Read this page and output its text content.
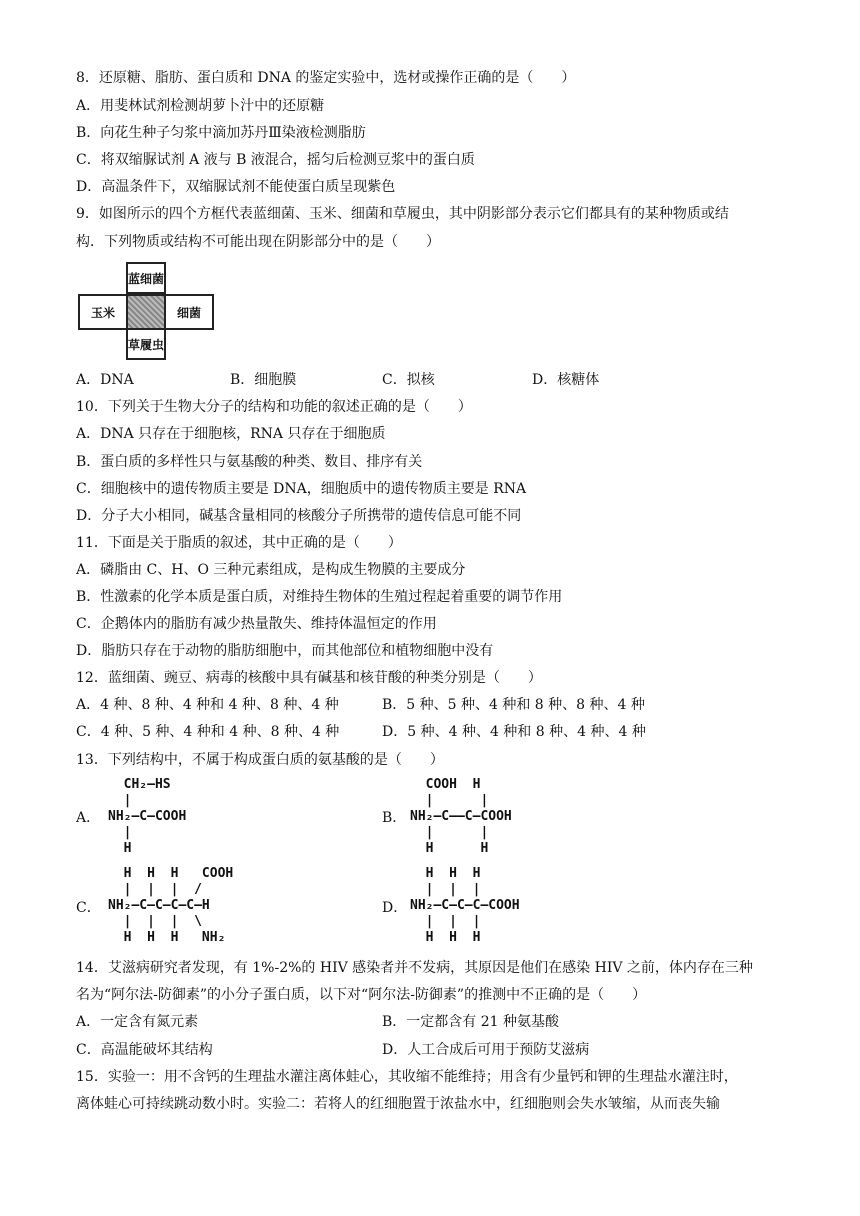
8．还原糖、脂肪、蛋白质和 DNA 的鉴定实验中，选材或操作正确的是（　　）
A．用斐林试剂检测胡萝卜汁中的还原糖
B．向花生种子匀浆中滴加苏丹Ⅲ染液检测脂肪
C．将双缩脲试剂 A 液与 B 液混合，摇匀后检测豆浆中的蛋白质
D．高温条件下，双缩脲试剂不能使蛋白质呈现紫色
9．如图所示的四个方框代表蓝细菌、玉米、细菌和草履虫，其中阴影部分表示它们都具有的某种物质或结
构．下列物质或结构不可能出现在阴影部分中的是（　　）
蓝细菌
玉米	细菌
草履虫
A．DNA	B．细胞膜	C．拟核	D．核糖体
10．下列关于生物大分子的结构和功能的叙述正确的是（　　）
A．DNA 只存在于细胞核，RNA 只存在于细胞质
B．蛋白质的多样性只与氨基酸的种类、数目、排序有关
C．细胞核中的遗传物质主要是 DNA，细胞质中的遗传物质主要是 RNA
D．分子大小相同，碱基含量相同的核酸分子所携带的遗传信息可能不同
11．下面是关于脂质的叙述，其中正确的是（　　）
A．磷脂由 C、H、O 三种元素组成，是构成生物膜的主要成分
B．性激素的化学本质是蛋白质，对维持生物体的生殖过程起着重要的调节作用
C．企鹅体内的脂肪有减少热量散失、维持体温恒定的作用
D．脂肪只存在于动物的脂肪细胞中，而其他部位和植物细胞中没有
12．蓝细菌、豌豆、病毒的核酸中具有碱基和核苷酸的种类分别是（　　）
A．4 种、8 种、4 种和 4 种、8 种、4 种	B．5 种、5 种、4 种和 8 种、8 种、4 种
C．4 种、5 种、4 种和 4 种、8 种、4 种	D．5 种、4 种、4 种和 8 种、4 种、4 种
13．下列结构中，不属于构成蛋白质的氨基酸的是（　　）
A．
CH₂—HS
|
NH₂—C—COOH
|
H
B．
COOH  H
|      |
NH₂—C——C—COOH
|      |
H      H
C．
H  H  H   COOH
|  |  |  /
NH₂—C—C—C—C—H
|  |  |  \
H  H  H   NH₂
D．
H  H  H
|  |  |
NH₂—C—C—C—COOH
|  |  |
H  H  H
14．艾滋病研究者发现，有 1%-2%的 HIV 感染者并不发病，其原因是他们在感染 HIV 之前，体内存在三种
名为“阿尔法-防御素”的小分子蛋白质，以下对“阿尔法-防御素”的推测中不正确的是（　　）
A．一定含有氮元素	B．一定都含有 21 种氨基酸
C．高温能破坏其结构	D．人工合成后可用于预防艾滋病
15．实验一：用不含钙的生理盐水灌注离体蛙心，其收缩不能维持；用含有少量钙和钾的生理盐水灌注时，
离体蛙心可持续跳动数小时。实验二：若将人的红细胞置于浓盐水中，红细胞则会失水皱缩，从而丧失输
